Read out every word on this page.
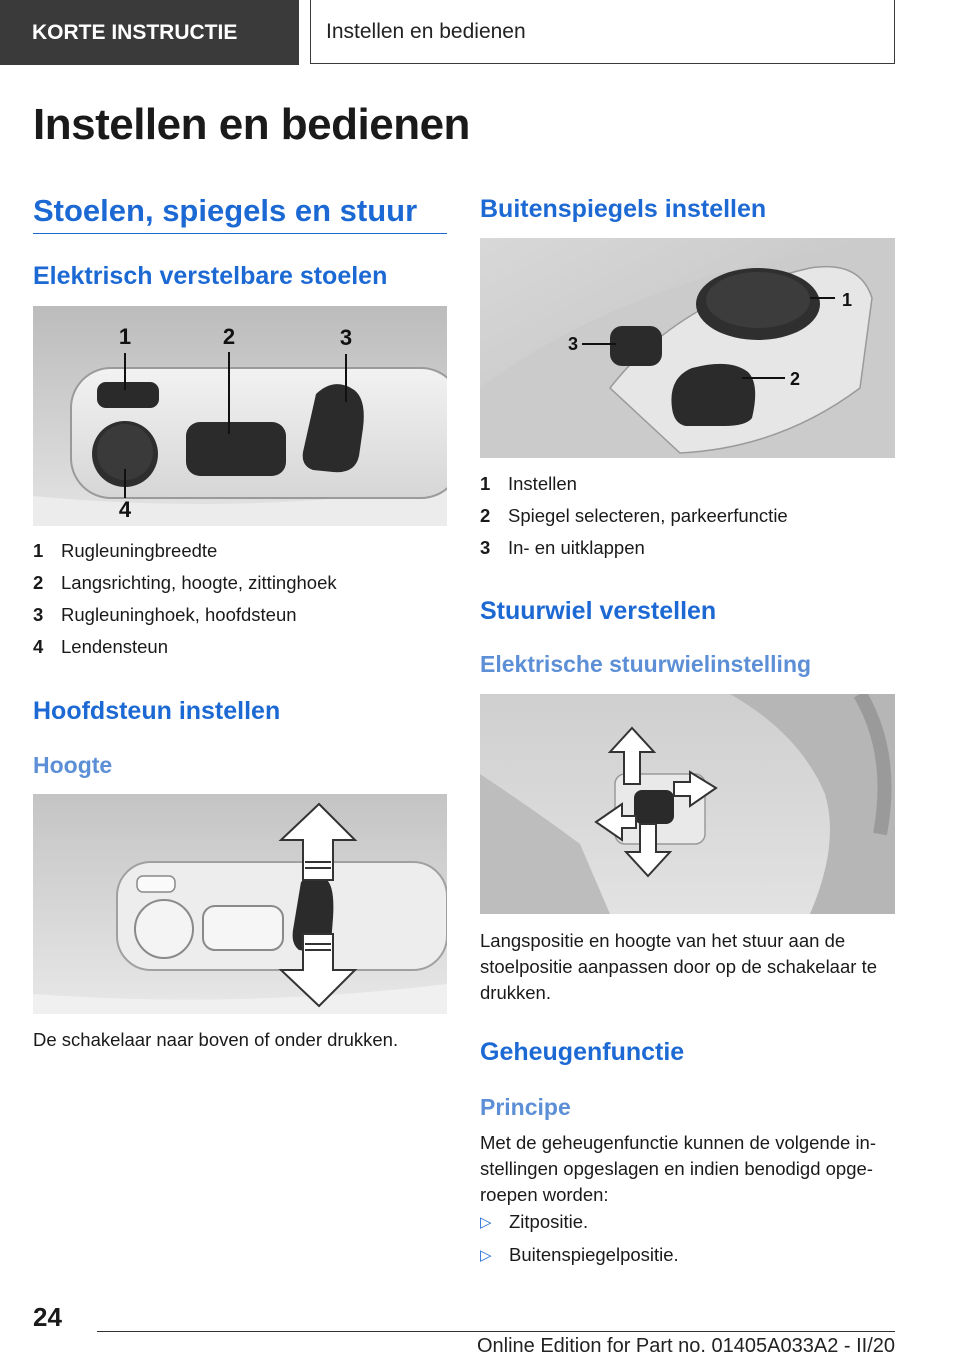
KORTE INSTRUCTIE	Instellen en bedienen
Instellen en bedienen
Stoelen, spiegels en stuur
Elektrisch verstelbare stoelen
1	2	3
4
1 Rugleuningbreedte
2 Langsrichting, hoogte, zittinghoek
3 Rugleuninghoek, hoofdsteun
4 Lendensteun
Hoofdsteun instellen
Hoogte

De schakelaar naar boven of onder drukken.

Buitenspiegels instellen
1
2
3
1 Instellen
2 Spiegel selecteren, parkeerfunctie
3 In- en uitklappen
Stuurwiel verstellen
Elektrische stuurwielinstelling

Langspositie en hoogte van het stuur aan de
stoelpositie aanpassen door op de schakelaar te
drukken.

Geheugenfunctie
Principe

Met de geheugenfunctie kunnen de volgende in-
stellingen opgeslagen en indien benodigd opge-
roepen worden:

▷ Zitpositie.
▷ Buitenspiegelpositie.
24
Online Edition for Part no. 01405A033A2 - II/20
